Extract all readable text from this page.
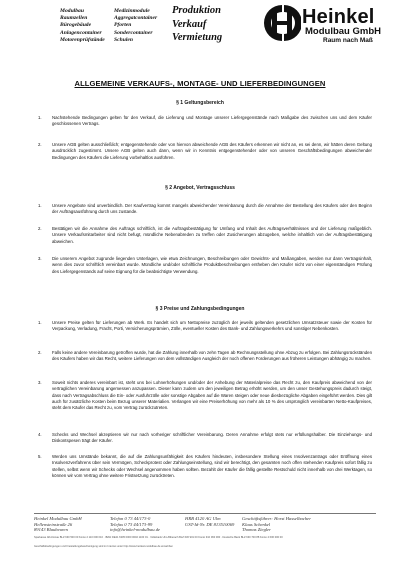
Modulbau
Raumzellen
Bürogebäude
Anlagencontainer
Motorenprüfstände
Medizinmodule
Aggregatcontainer
Pforten
Sondercontainer
Schulen
Produktion
Verkauf
Vermietung
Heinkel
Modulbau GmbH
Raum nach Maß
ALLGEMEINE VERKAUFS-, MONTAGE- UND LIEFERBEDINGUNGEN
§ 1 Geltungsbereich
1. Nachstehende Bedingungen gelten für den Verkauf, die Lieferung und Montage unserer Liefergegenstände nach Maßgabe des zwischen uns und dem Käufer geschlossenen Vertrags.
2. Unsere AGB gelten ausschließlich; entgegenstehende oder von hiervon abweichende AGB des Käufers erkennen wir nicht an, es sei denn, wir hätten deren Geltung ausdrücklich zugestimmt. Unsere AGB gelten auch dann, wenn wir in Kenntnis entgegenstehender oder von unseren Geschäftsbedingungen abweichender Bedingungen des Käufers die Lieferung vorbehaltlos ausführen.
§ 2 Angebot, Vertragsschluss
1. Unsere Angebote sind unverbindlich. Der Kaufvertrag kommt mangels abweichender Vereinbarung durch die Annahme der Bestellung des Käufers oder den Beginn der Auftragsausführung durch uns zustande.
2. Bestätigen wir die Annahme des Auftrags schriftlich, ist die Auftragsbestätigung für Umfang und Inhalt des Auftragsverhältnisses und der Lieferung maßgeblich. Unsere Verkaufsmitarbeiter sind nicht befugt, mündliche Nebenabreden zu treffen oder Zusicherungen abzugeben, welche inhaltlich von der Auftragsbestätigung abweichen.
3. Die unserem Angebot zugrunde liegenden Unterlagen, wie etwa Zeichnungen, Beschreibungen oder Gewichts- und Maßangaben, werden nur dann Vertragsinhalt, wenn dies zuvor schriftlich vereinbart wurde. Mündliche und/oder schriftliche Produktbeschreibungen entheben den Käufer nicht von einer eigenständigen Prüfung des Liefergegenstands auf seine Eignung für die beabsichtigte Verwendung.
§ 3 Preise und Zahlungsbedingungen
1. Unsere Preise gelten für Lieferungen ab Werk. Es handelt sich um Nettopreise zuzüglich der jeweils geltenden gesetzlichen Umsatzsteuer sowie der Kosten für Verpackung, Verladung, Fracht, Porti, Versicherungsprämien, Zölle, eventueller Kosten des Bank- und Zahlungsverkehrs und sonstiger Nebenkosten.
2. Falls keine andere Vereinbarung getroffen wurde, hat die Zahlung innerhalb von zehn Tagen ab Rechnungsstellung ohne Abzug zu erfolgen. Bei Zahlungsrückständen des Käufers haben wir das Recht, weitere Lieferungen von dem vollständigen Ausgleich der noch offenen Forderungen aus früheren Leistungen abhängig zu machen.
3. Soweit nichts anderes vereinbart ist, steht uns bei Lohnerhöhungen und/oder der Anhebung der Materialpreise das Recht zu, den Kaufpreis abweichend von der vertraglichen Vereinbarung angemessen anzupassen. Dieser kann zudem um den jeweiligen Betrag erhöht werden, um den unser Gestehungspreis dadurch steigt, dass nach Vertragsabschluss die Ein- oder Ausfuhrzölle oder sonstige Abgaben auf die Waren steigen oder neue diesbezügliche Abgaben eingeführt werden. Dies gilt auch für zusätzliche Kosten beim Bezug unserer Materialien. Verlangen wir eine Preiserhöhung von mehr als 10 % des ursprünglich vereinbarten Netto-Kaufpreises, steht dem Käufer das Recht zu, vom Vertrag zurückzutreten.
4. Schecks und Wechsel akzeptieren wir nur nach vorheriger schriftlicher Vereinbarung. Deren Annahme erfolgt stets nur erfüllungshalber. Die Einziehungs- und Diskontspesen trägt der Käufer.
5. Werden uns Umstände bekannt, die auf die Zahlungsunfähigkeit des Käufers hindeuten, insbesondere Stellung eines Insolvenzantrags oder Eröffnung eines Insolvenzverfahrens über sein Vermögen, Scheckprotest oder Zahlungseinstellung, sind wir berechtigt, den gesamten noch offen stehenden Kaufpreis sofort fällig zu stellen, selbst wenn wir Schecks oder Wechsel angenommen haben sollten. Bezahlt der Käufer die fällig gestellte Restschuld nicht innerhalb von drei Werktagen, so können wir vom Vertrag ohne weitere Fristsetzung zurücktreten.
Heinkel Modulbau GmbH
Hellensteinstraße 26
89143 Blaubeuren
Telefon 0 73 44/173-0
Telefax 0 73 44/173-99
info@heinkel-modulbau.de
HRB 4120 AG Ulm
UST-Id-Nr. DE 813510069
Geschäftsführer: Horst Hasselbacher
Klaus Schenkel
Thomas Ziegler
Sparkasse Alb-Donau BLZ 630 500 00 Konto 2 110 000 010 · IBAN DE21 6305 0000 0002 1100 01 · Volksbank Ulm-Biberach BLZ 630 901 00 Konto 310 060 000 · Deutsche Bank BLZ 630 700 88 Konto 4 606 000 00
Geschäftsbedingungen und Freistellungsbescheinigung sind im Internet unter http://www.heinkel-modulbau.de einsehbar.
